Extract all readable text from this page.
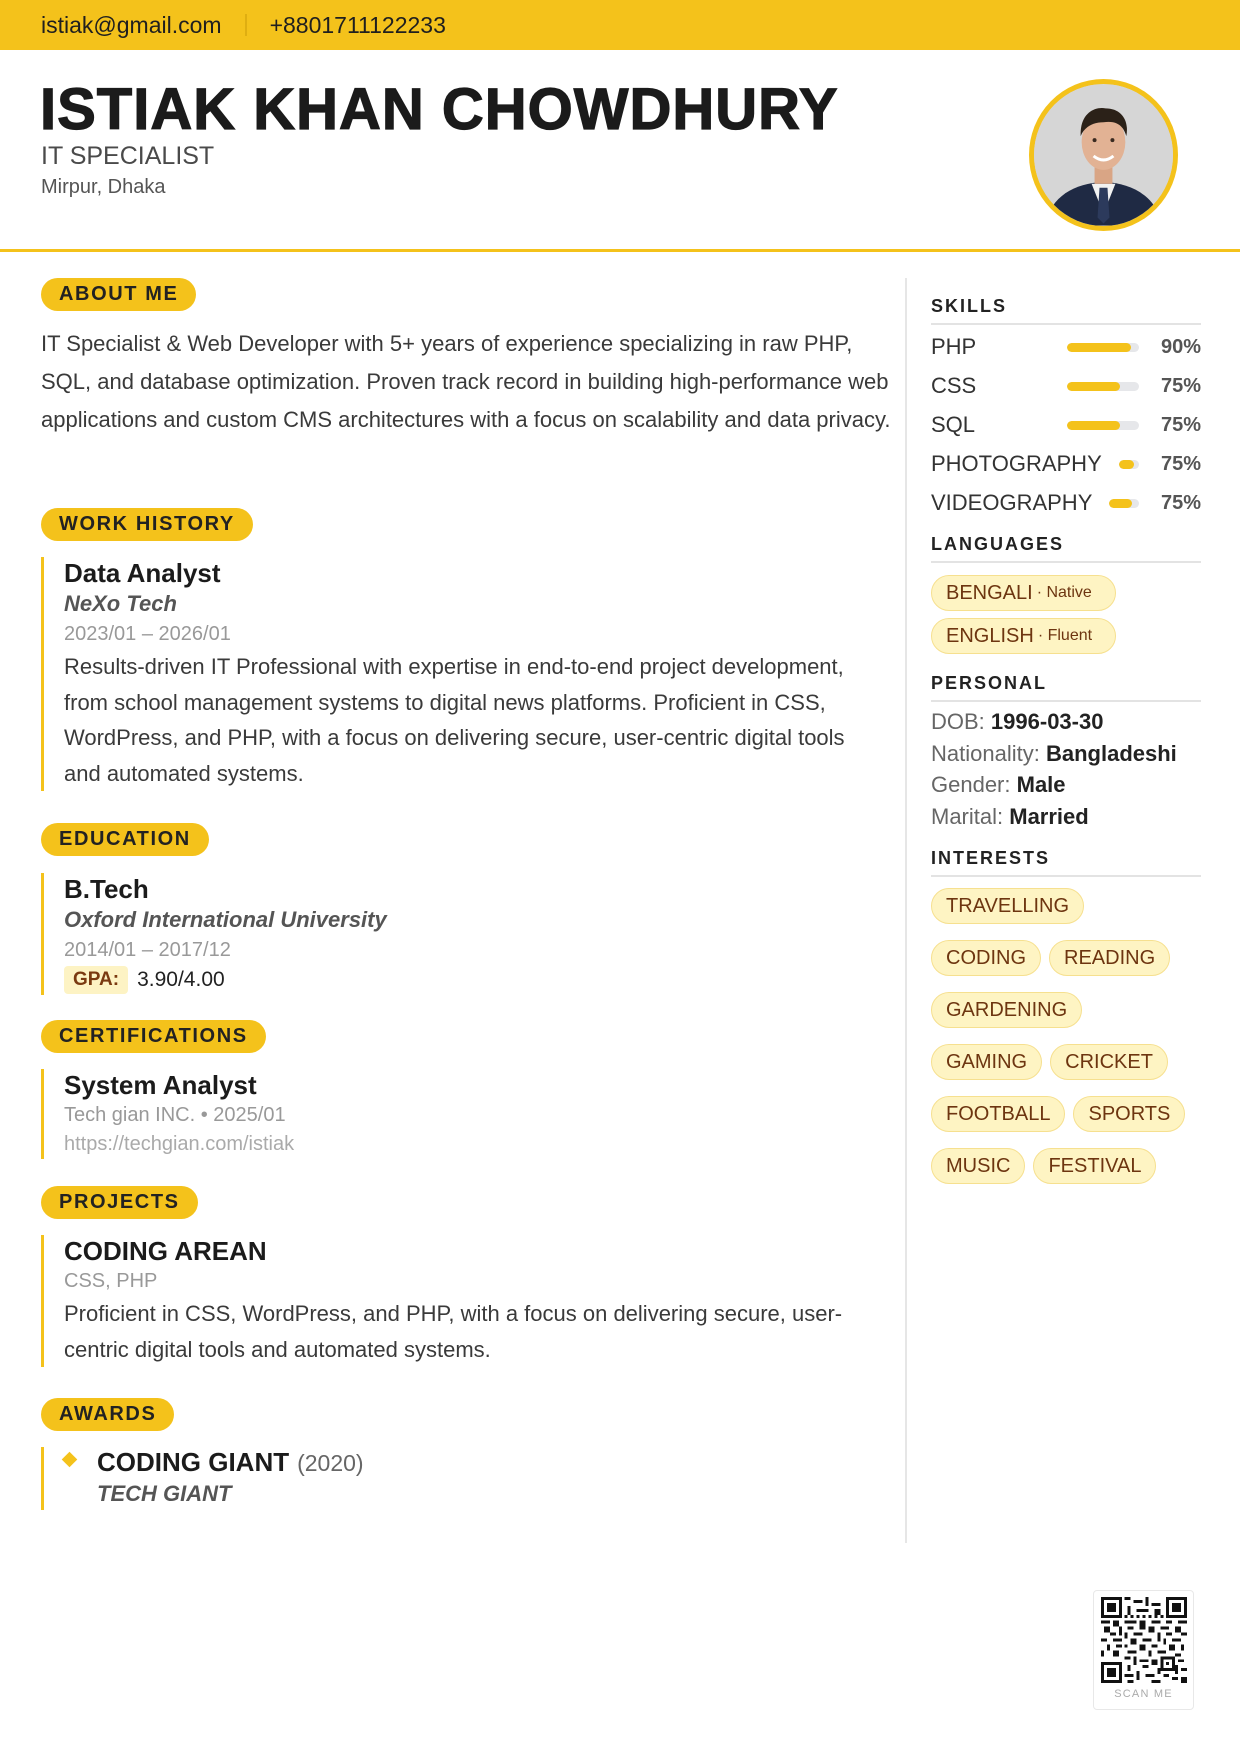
istiak@gmail.com +8801711122233
ISTIAK KHAN CHOWDHURY
IT SPECIALIST
Mirpur, Dhaka
ABOUT ME
IT Specialist & Web Developer with 5+ years of experience specializing in raw PHP, SQL, and database optimization. Proven track record in building high-performance web applications and custom CMS architectures with a focus on scalability and data privacy.
WORK HISTORY
Data Analyst
NeXo Tech
2023/01 – 2026/01
Results-driven IT Professional with expertise in end-to-end project development, from school management systems to digital news platforms. Proficient in CSS, WordPress, and PHP, with a focus on delivering secure, user-centric digital tools and automated systems.
EDUCATION
B.Tech
Oxford International University
2014/01 – 2017/12
GPA: 3.90/4.00
CERTIFICATIONS
System Analyst
Tech gian INC. • 2025/01
https://techgian.com/istiak
PROJECTS
CODING AREAN
CSS, PHP
Proficient in CSS, WordPress, and PHP, with a focus on delivering secure, user-centric digital tools and automated systems.
AWARDS
CODING GIANT (2020)
TECH GIANT
SKILLS
PHP	90%
CSS	75%
SQL	75%
PHOTOGRAPHY	75%
VIDEOGRAPHY	75%
LANGUAGES
BENGALI · Native
ENGLISH · Fluent
PERSONAL
DOB: 1996-03-30
Nationality: Bangladeshi
Gender: Male
Marital: Married
INTERESTS
TRAVELLING
CODING	READING
GARDENING
GAMING	CRICKET
FOOTBALL	SPORTS
MUSIC	FESTIVAL
SCAN ME
